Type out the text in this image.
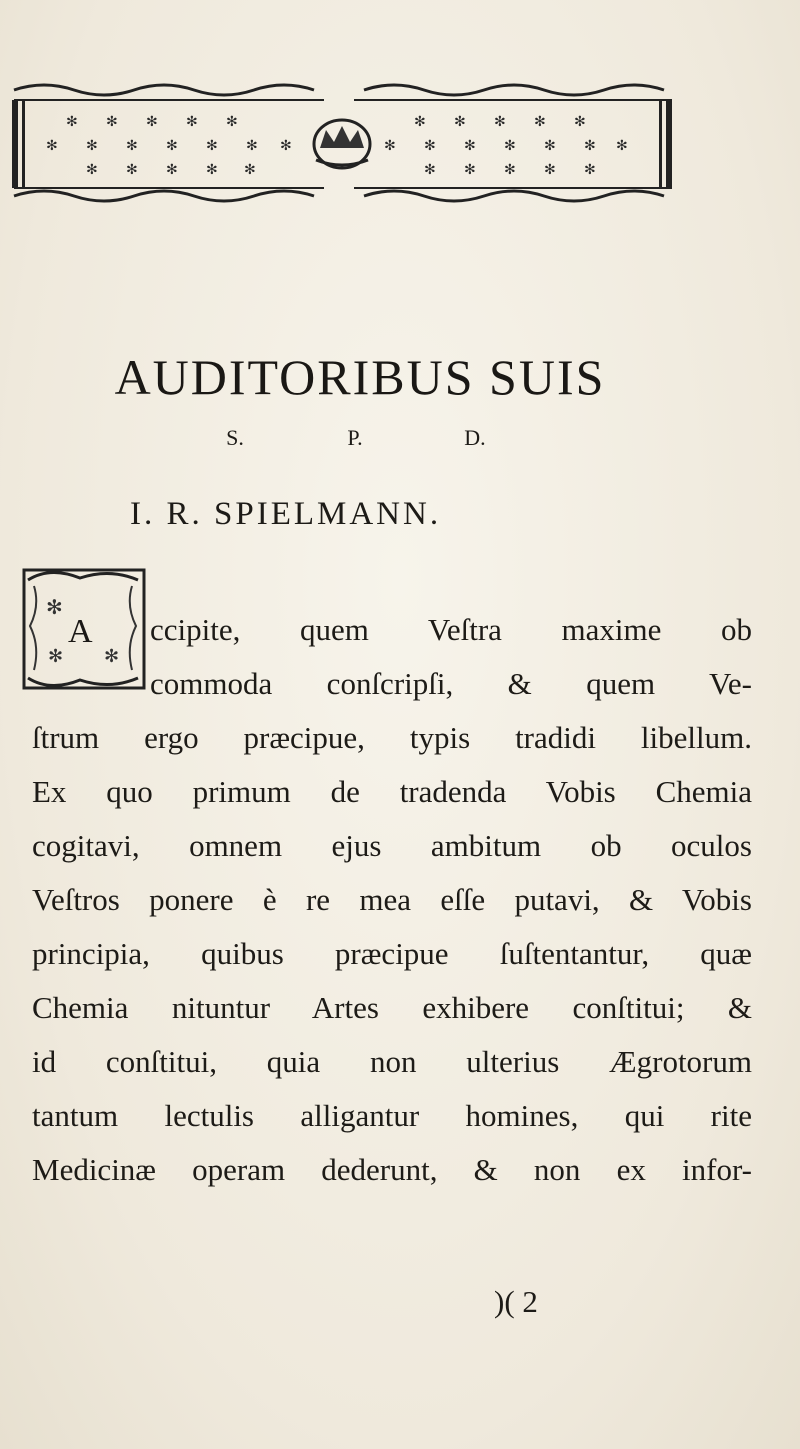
✻ ✻ ✻ ✻ ✻
✻ ✻ ✻ ✻ ✻ ✻ ✻
✻ ✻ ✻ ✻ ✻
✻ ✻ ✻ ✻ ✻
✻ ✻ ✻ ✻ ✻ ✻ ✻
✻ ✻ ✻ ✻ ✻
AUDITORIBUS SUIS
S.	P.	D.
I. R. SPIELMANN.
✻
✻ ✻
A	ccipite, quem Veſtra maxime ob
commoda conſcripſi, & quem Ve-
ſtrum ergo præcipue, typis tradidi libellum.
Ex quo primum de tradenda Vobis Chemia
cogitavi, omnem ejus ambitum ob oculos
Veſtros ponere è re mea eſſe putavi, & Vobis
principia, quibus præcipue ſuſtentantur, quæ
Chemia nituntur Artes exhibere conſtitui; &
id conſtitui, quia non ulterius Ægrotorum
tantum lectulis alligantur homines, qui rite
Medicinæ operam dederunt, & non ex infor-
)( 2
